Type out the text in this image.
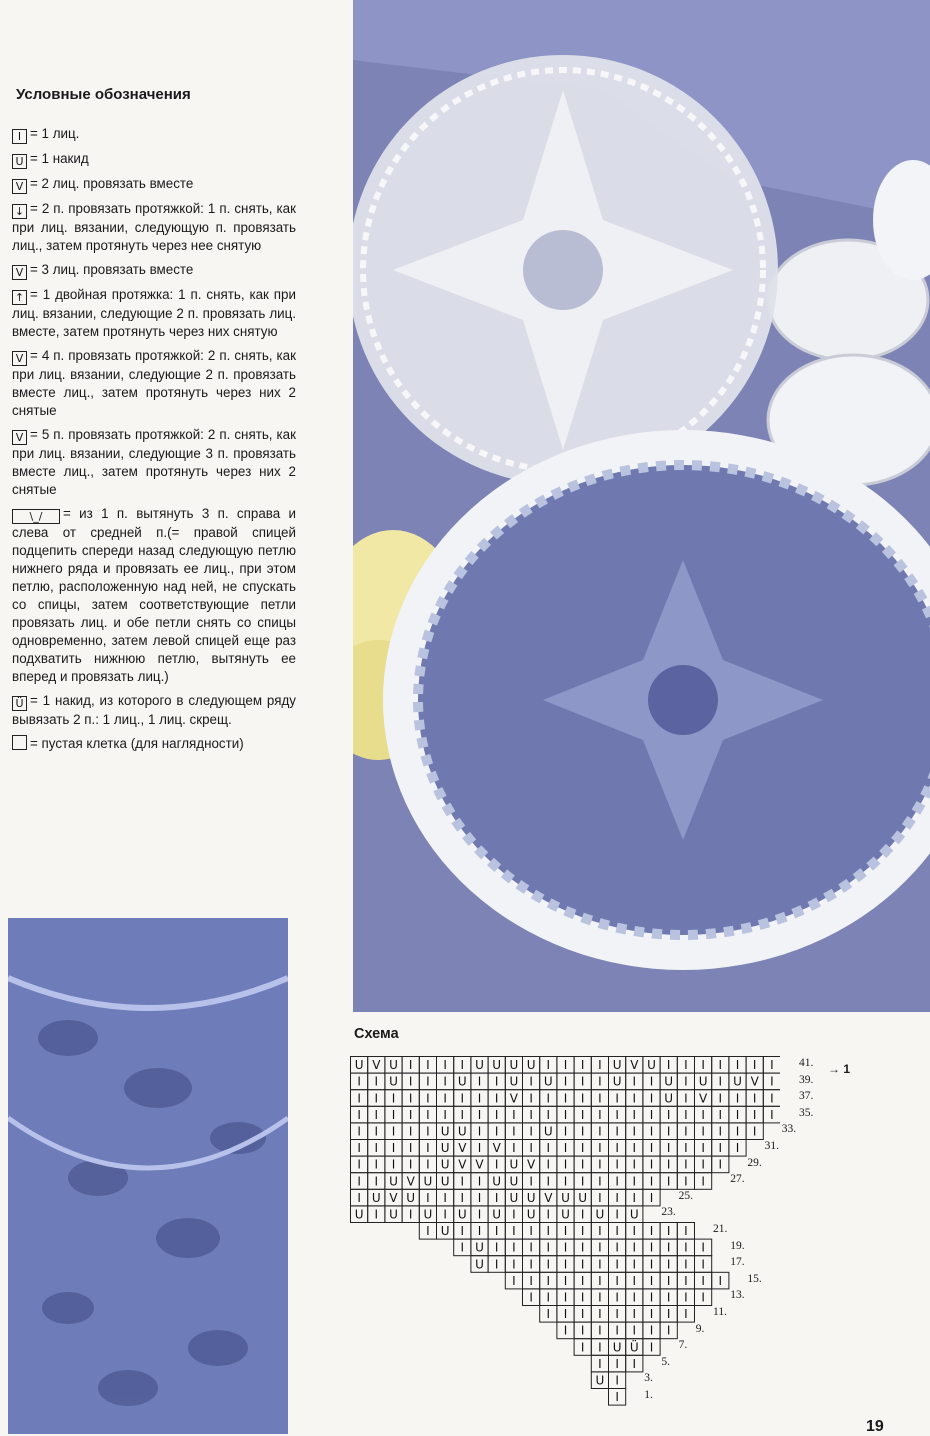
Условные обозначения
I = 1 лиц.
U = 1 накид
V = 2 лиц. провязать вместе
↓ = 2 п. провязать протяжкой: 1 п. снять, как при лиц. вязании, следующую п. провязать лиц., затем протянуть через нее снятую
V = 3 лиц. провязать вместе
↑ = 1 двойная протяжка: 1 п. снять, как при лиц. вязании, следующие 2 п. провязать лиц. вместе, затем протянуть через них снятую
V = 4 п. провязать протяжкой: 2 п. снять, как при лиц. вязании, следующие 2 п. провязать вместе лиц., затем протянуть через них 2 снятые
V = 5 п. провязать протяжкой: 2 п. снять, как при лиц. вязании, следующие 3 п. провязать вместе лиц., затем протянуть через них 2 снятые
\_/ = из 1 п. вытянуть 3 п. справа и слева от средней п.(= правой спицей подцепить спереди назад следующую петлю нижнего ряда и провязать ее лиц., при этом петлю, расположенную над ней, не спускать со спицы, затем соответствующие петли провязать лиц. и обе петли снять со спицы одновременно, затем левой спицей еще раз подхватить нижнюю петлю, вытянуть ее вперед и провязать лиц.)
Ü = 1 накид, из которого в следующем ряду вывязать 2 п.: 1 лиц., 1 лиц. скрещ.
= пустая клетка (для наглядности)
Схема
U V U I I I I U U U U I I I I U V U I I I I I I I
I I U I I I U I I U I U I I I U I I U I U I U V I
I I I I I I I I I V I I I I I I I I U I V I I I I
I I I I I I I I I I I I I I I I I I I I I I I I I
I I I I I U U I I I I U I I I I I I I I I I I I
I I I I I U V I V I I I I I I I I I I I I I I
I I I I I U V V I U V I I I I I I I I I I I
I I U V U U I I U U I I I I I I I I I I I
I U V U I I I I I U U V U U I I I I
U I U I U I U I U I U I U I U I U
I U I I I I I I I I I I I I I I
I U I I I I I I I I I I I I I
U I I I I I I I I I I I I I
I I I I I I I I I I I I I
I I I I I I I I I I I
I I I I I I I I I
I I I I I I I
I I U Ü I
I I I
U I
I
41.
39.
37.
35.
33.
31.
29.
27.
25.
23.
21.
19.
17.
15.
13.
11.
9.
7.
5.
3.
1.
→ 1
19
